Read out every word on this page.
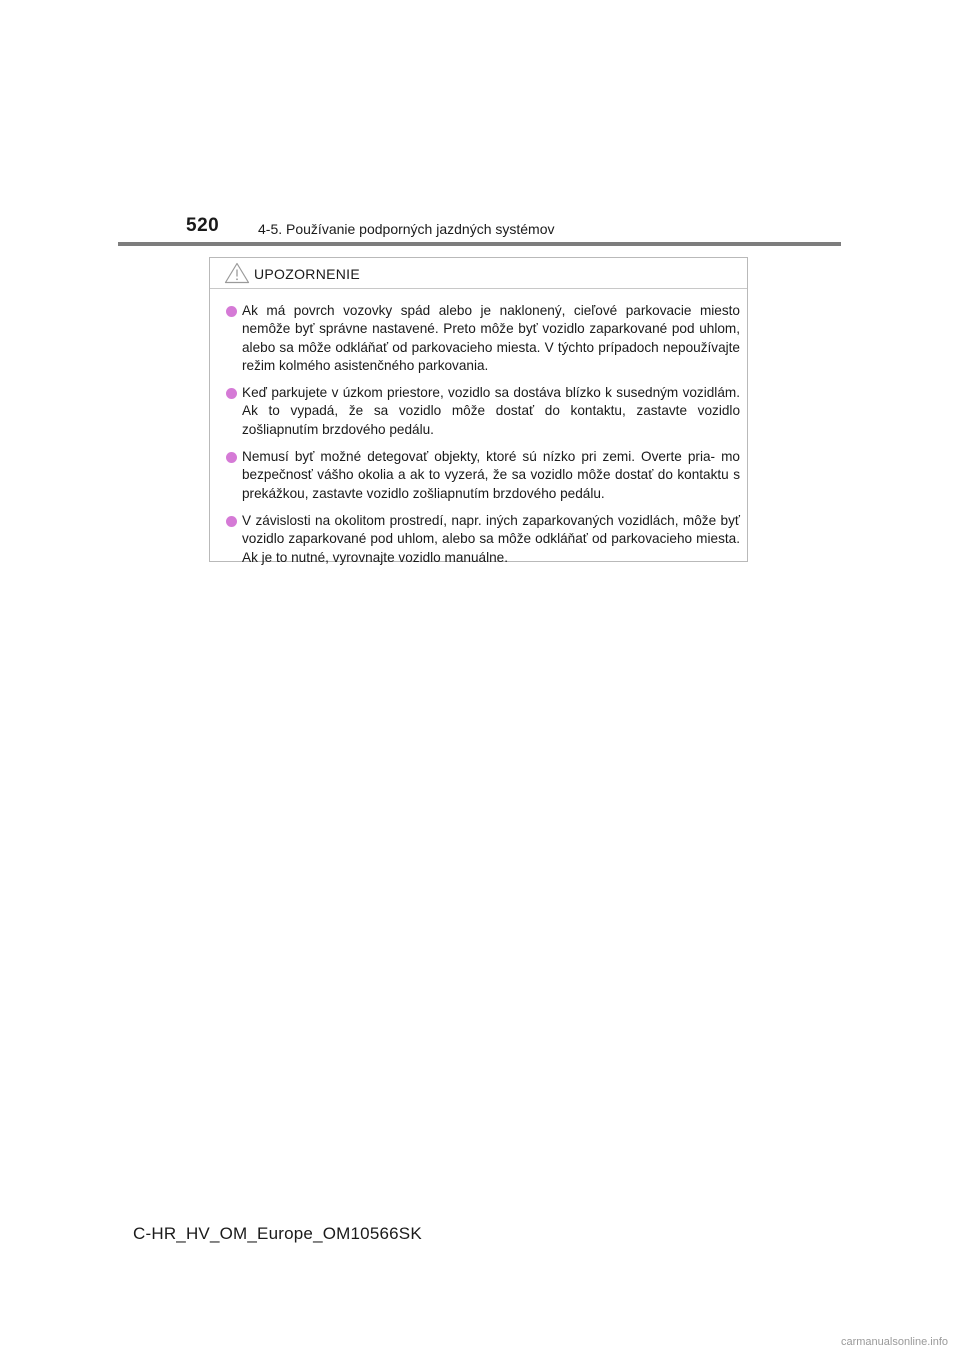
520	4-5. Používanie podporných jazdných systémov
UPOZORNENIE
Ak má povrch vozovky spád alebo je naklonený, cieľové parkovacie miesto nemôže byť správne nastavené. Preto môže byť vozidlo zaparkované pod uhlom, alebo sa môže odkláňať od parkovacieho miesta. V týchto prípadoch nepoužívajte režim kolmého asistenčného parkovania.
Keď parkujete v úzkom priestore, vozidlo sa dostáva blízko k susedným vozidlám. Ak to vypadá, že sa vozidlo môže dostať do kontaktu, zastavte vozidlo zošliapnutím brzdového pedálu.
Nemusí byť možné detegovať objekty, ktoré sú nízko pri zemi. Overte pria- mo bezpečnosť vášho okolia a ak to vyzerá, že sa vozidlo môže dostať do kontaktu s prekážkou, zastavte vozidlo zošliapnutím brzdového pedálu.
V závislosti na okolitom prostredí, napr. iných zaparkovaných vozidlách, môže byť vozidlo zaparkované pod uhlom, alebo sa môže odkláňať od parkovacieho miesta. Ak je to nutné, vyrovnajte vozidlo manuálne.
C-HR_HV_OM_Europe_OM10566SK
carmanualsonline.info
